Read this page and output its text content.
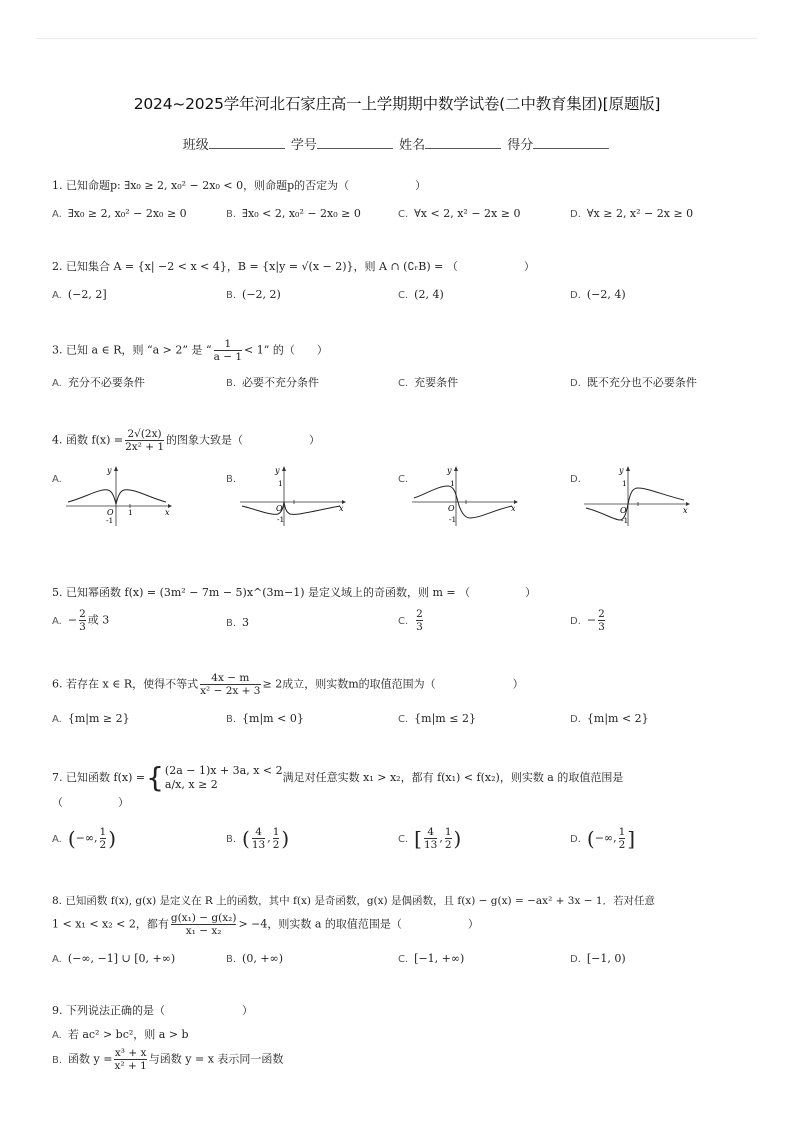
2024~2025学年河北石家庄高一上学期期中数学试卷(二中教育集团)[原题版]
班级	学号	姓名	得分
1. 已知命题p: ∃x₀ ≥ 2, x₀² − 2x₀ < 0，则命题p的否定为（　　　　　　）
A. ∃x₀ ≥ 2, x₀² − 2x₀ ≥ 0	B. ∃x₀ < 2, x₀² − 2x₀ ≥ 0	C. ∀x < 2, x² − 2x ≥ 0	D. ∀x ≥ 2, x² − 2x ≥ 0
2. 已知集合 A = {x| −2 < x < 4}，B = {x|y = √(x − 2)}，则 A ∩ (∁ᵣB) = （　　　　　　）
A. (−2, 2]	B. (−2, 2)	C. (2, 4)	D. (−2, 4)
3. 已知 a ∈ R，则 “a > 2” 是 “ $\frac{1}{a - 1} < 1$” 的（　　）
A. 充分不必要条件	B. 必要不充分条件	C. 充要条件	D. 既不充分也不必要条件
4. 函数 $f(x) = \frac{2√(2x)}{\text{2x² + 1}}$ 的图象大致是（　　　　　　）
A.	B.	C.	D.
y
x
O 1
-1
y
x
O
1
-1
y
x
O
1
-1
y
x
O
1
-1
5. 已知幂函数 f(x) = (3m² − 7m − 5)x^(3m−1) 是定义域上的奇函数，则 m = （　　　　　）
A. − $\frac{2}{3}$ 或 3	B. 3	C. $\frac{2}{3}$	D. − $\frac{2}{3}$
6. 若存在 x ∈ R，使得不等式 $\frac{4x - m}{\text{x² − 2x + 3}} \ge 2$成立，则实数m的取值范围为（　　　　　　　）
A. {m|m ≥ 2}	B. {m|m < 0}	C. {m|m ≤ 2}	D. {m|m < 2}
7.
已知函数 f(x) = { (2a − 1)x + 3a, x < 2
a/x, x ≥ 2
满足对任意实数 x₁ > x₂，都有 f(x₁) < f(x₂)，则实数 a 的取值范围是
（　　　　　）
A. (−∞, $\frac{1}{2}$ )	B. ( $\frac{4}{13}$ , $\frac{1}{2}$ )	C. [ $\frac{4}{13}$ , $\frac{1}{2}$ )	D. (−∞, $\frac{1}{2}$ ]
8. 已知函数 f(x), g(x) 是定义在 R 上的函数，其中 f(x) 是奇函数，g(x) 是偶函数，且 f(x) − g(x) = −ax² + 3x − 1．若对任意
1 < x₁ < x₂ < 2，都有 $\frac{\text{g(x₁) − g(x₂)}}{\text{x₁ − x₂}} > -4$，则实数 a 的取值范围是（　　　　　　）
A. (−∞, −1] ∪ [0, +∞)	B. (0, +∞)	C. [−1, +∞)	D. [−1, 0)
9. 下列说法正确的是（　　　　　　　）
A. 若 ac² > bc²，则 a > b
B. 函数 $y = \frac{\text{x³ + x}}{\text{x² + 1}}$ 与函数 y = x 表示同一函数
